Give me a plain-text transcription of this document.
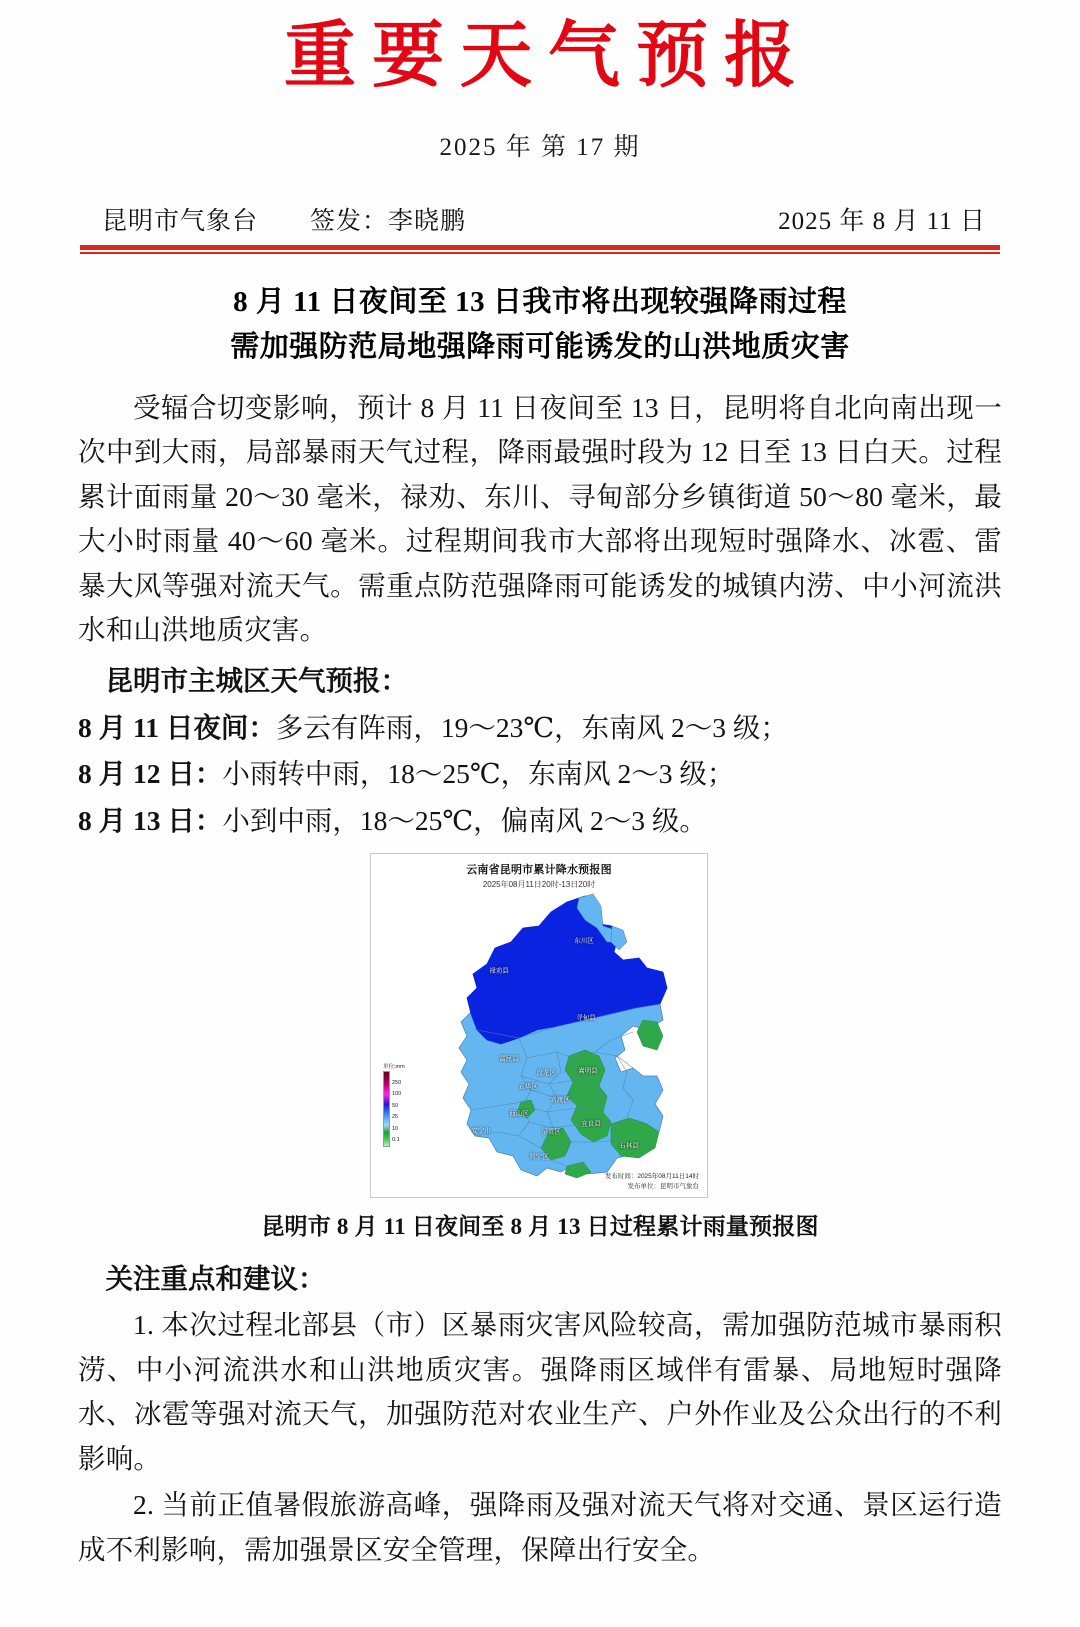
重要天气预报
2025 年 第 17 期
昆明市气象台 签发：李晓鹏	2025 年 8 月 11 日
8 月 11 日夜间至 13 日我市将出现较强降雨过程
需加强防范局地强降雨可能诱发的山洪地质灾害
受辐合切变影响，预计 8 月 11 日夜间至 13 日，昆明将自北向南出现一次中到大雨，局部暴雨天气过程，降雨最强时段为 12 日至 13 日白天。过程累计面雨量 20～30 毫米，禄劝、东川、寻甸部分乡镇街道 50～80 毫米，最大小时雨量 40～60 毫米。过程期间我市大部将出现短时强降水、冰雹、雷暴大风等强对流天气。需重点防范强降雨可能诱发的城镇内涝、中小河流洪水和山洪地质灾害。
昆明市主城区天气预报：
8 月 11 日夜间：多云有阵雨，19～23℃，东南风 2～3 级；
8 月 12 日：小雨转中雨，18～25℃，东南风 2～3 级；
8 月 13 日：小到中雨，18～25℃，偏南风 2～3 级。
云南省昆明市累计降水预报图
2025年08月11日20时-13日20时
东川区
禄劝县
寻甸县
富民县
盘龙区	嵩明县
五华区
官渡区
西山区
宜良县
呈贡区
安宁市
石林县
晋宁区
单位:mm
250
100
50
25
10
0.1
发布时间：2025年08月11日14时
发布单位：昆明市气象台
昆明市 8 月 11 日夜间至 8 月 13 日过程累计雨量预报图
关注重点和建议：
1. 本次过程北部县（市）区暴雨灾害风险较高，需加强防范城市暴雨积涝、中小河流洪水和山洪地质灾害。强降雨区域伴有雷暴、局地短时强降水、冰雹等强对流天气，加强防范对农业生产、户外作业及公众出行的不利影响。
2. 当前正值暑假旅游高峰，强降雨及强对流天气将对交通、景区运行造成不利影响，需加强景区安全管理，保障出行安全。
